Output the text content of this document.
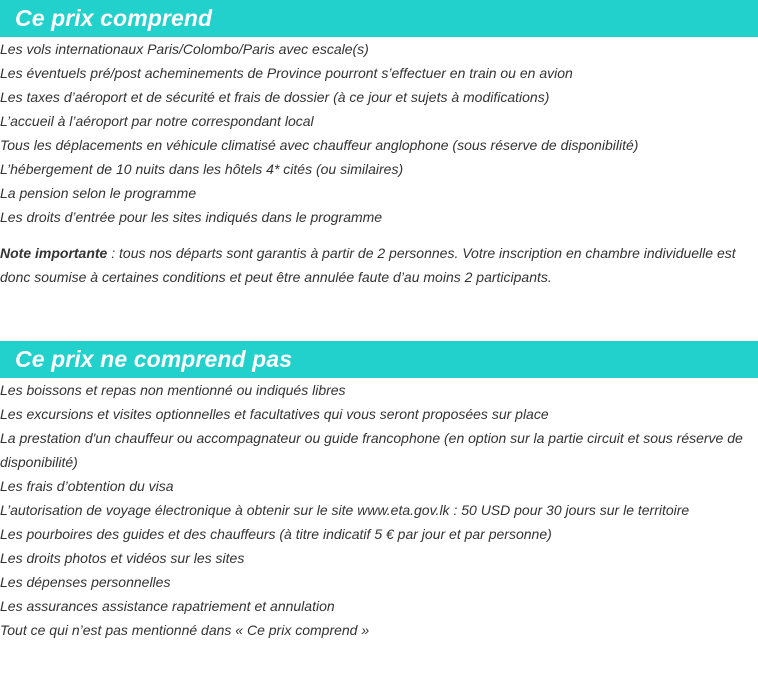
Ce prix comprend
Les vols internationaux Paris/Colombo/Paris avec escale(s)
Les éventuels pré/post acheminements de Province pourront s’effectuer en train ou en avion
Les taxes d’aéroport et de sécurité et frais de dossier (à ce jour et sujets à modifications)
L’accueil à l’aéroport par notre correspondant local
Tous les déplacements en véhicule climatisé avec chauffeur anglophone (sous réserve de disponibilité)
L’hébergement de 10 nuits dans les hôtels 4* cités (ou similaires)
La pension selon le programme
Les droits d’entrée pour les sites indiqués dans le programme

Note importante : tous nos départs sont garantis à partir de 2 personnes. Votre inscription en chambre individuelle est donc soumise à certaines conditions et peut être annulée faute d’au moins 2 participants.

Ce prix ne comprend pas
Les boissons et repas non mentionné ou indiqués libres
Les excursions et visites optionnelles et facultatives qui vous seront proposées sur place
La prestation d'un chauffeur ou accompagnateur ou guide francophone (en option sur la partie circuit et sous réserve de disponibilité)
Les frais d’obtention du visa
L’autorisation de voyage électronique à obtenir sur le site www.eta.gov.lk : 50 USD pour 30 jours sur le territoire
Les pourboires des guides et des chauffeurs (à titre indicatif 5 € par jour et par personne)
Les droits photos et vidéos sur les sites
Les dépenses personnelles
Les assurances assistance rapatriement et annulation
Tout ce qui n’est pas mentionné dans « Ce prix comprend »
